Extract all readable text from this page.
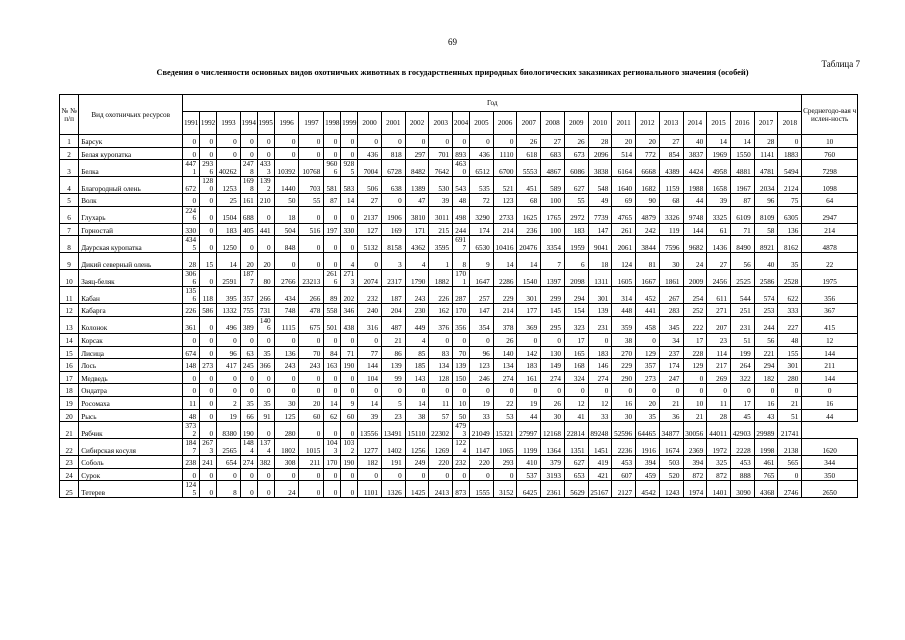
69
Таблица 7
Сведения о численности основных видов охотничьих животных в государственных природных биологических заказниках регионального значения (особей)
№ № п/п	Вид охотничьих ресурсов	Год																												Среднегодо-вая числен-ность
		1991	1992	1993	1994	1995	1996	1997	1998	1999	2000	2001	2002	2003	2004	2005	2006	2007	2008	2009	2010	2011	2012	2013	2014	2015	2016	2017	2018	
1	Барсук	0	0	0	0	0	0	0	0	0	0	0	0	0	0	0	0	26	27	26	28	20	20	27	40	14	14	28	0	10
2	Белая куропатка	0	0	0	0	0	0	0	0	0	436	818	297	701	893	436	1110	618	683	673	2096	514	772	854	3837	1969	1550	1141	1883	760
3	Белка	4471	2936	40262	2478	4333	10392	10768	9606	9285	7004	6728	8482	7642	4630	6512	6700	5553	4867	6086	3838	6164	6668	4389	4424	4958	4881	4781	5494	7298
4	Благородный олень	672	1280	1253	1698	1392	1440	703	581	583	506	638	1389	530	543	535	521	451	589	627	548	1640	1682	1159	1988	1658	1967	2034	2124	1098
5	Волк	0	0	25	161	210	50	55	87	14	27	0	47	39	48	72	123	68	100	55	49	69	90	68	44	39	87	96	75	64
6	Глухарь	2246	0	1504	688	0	18	0	0	0	2137	1906	3810	3011	498	3290	2733	1625	1765	2972	7739	4765	4879	3326	9748	3325	6109	8109	6305	2947
7	Горностай	330	0	183	405	441	504	516	197	330	127	169	171	215	244	174	214	236	100	183	147	261	242	119	144	61	71	58	136	214
8	Даурская куропатка	4345	0	1250	0	0	848	0	0	0	5132	8158	4362	3595	6917	6530	10416	20476	3354	1959	9041	2061	3844	7596	9682	1436	8490	8921	8162	4878
9	Дикий северный олень	28	15	14	20	20	0	0	0	4	0	3	4	1	8	9	14	14	7	6	18	124	81	30	24	27	56	40	35	22
10	Заяц-беляк	3066	0	2591	1877	80	2766	23213	2616	2713	2074	2317	1790	1882	1701	1647	2286	1540	1397	2098	1311	1605	1667	1861	2009	2456	2525	2586	2528	1975
11	Кабан	1356	118	395	357	266	434	266	89	202	232	187	243	226	287	257	229	301	299	294	301	314	452	267	254	611	544	574	622	356
12	Кабарга	226	586	1332	755	731	748	478	558	346	240	204	230	162	170	147	214	177	145	154	139	448	441	283	252	271	251	253	333	367
13	Колонок	361	0	496	389	1406	1115	675	501	438	316	487	449	376	356	354	378	369	295	323	231	359	458	345	222	207	231	244	227	415
14	Корсак	0	0	0	0	0	0	0	0	0	0	21	4	0	0	0	26	0	0	17	0	38	0	34	17	23	51	56	48	12
15	Лисица	674	0	96	63	35	136	70	84	71	77	86	85	83	70	96	140	142	130	165	183	270	129	237	228	114	199	221	155	144
16	Лось	148	273	417	245	366	243	243	163	190	144	139	185	134	139	123	134	183	149	168	146	229	357	174	129	217	264	294	301	211
17	Медведь	0	0	0	0	0	0	0	0	0	104	99	143	128	150	246	274	161	274	324	274	290	273	247	0	269	322	182	280	144
18	Ондатра	0	0	0	0	0	0	0	0	0	0	0	0	0	0	0	0	0	0	0	0	0	0	0	0	0	0	0	0	0
19	Росомаха	11	0	2	35	35	30	20	14	9	14	5	14	11	10	19	22	19	26	12	12	16	20	21	10	11	17	16	21	16
20	Рысь	48	0	19	66	91	125	60	62	60	39	23	38	57	50	33	53	44	30	41	33	30	35	36	21	28	45	43	51	44
21	Рябчик	3732	0	8380	190	0	280	0	0	0	13556	13491	15110	22302	4793	21049	15321	27997	12168	22814	89248	52596	64465	34877	30056	44011	42903	29989	21741	
22	Сибирская косуля	1847	2673	2565	1484	1374	1802	1015	1043	1032	1277	1402	1256	1269	1224	1147	1065	1199	1364	1351	1451	2236	1916	1674	2369	1972	2228	1998	2138	1620
23	Соболь	238	241	654	274	382	308	211	170	190	182	191	249	220	232	220	293	410	379	627	419	453	394	503	394	325	453	461	565	344
24	Сурок	0	0	0	0	0	0	0	0	0	0	0	0	0	0	0	0	537	3193	653	421	607	459	520	872	872	888	765	0	350
25	Тетерев	1245	0	8	0	0	24	0	0	0	1101	1326	1425	2413	873	1555	3152	6425	2361	5629	25167	2127	4542	1243	1974	1401	3090	4368	2746	2650
